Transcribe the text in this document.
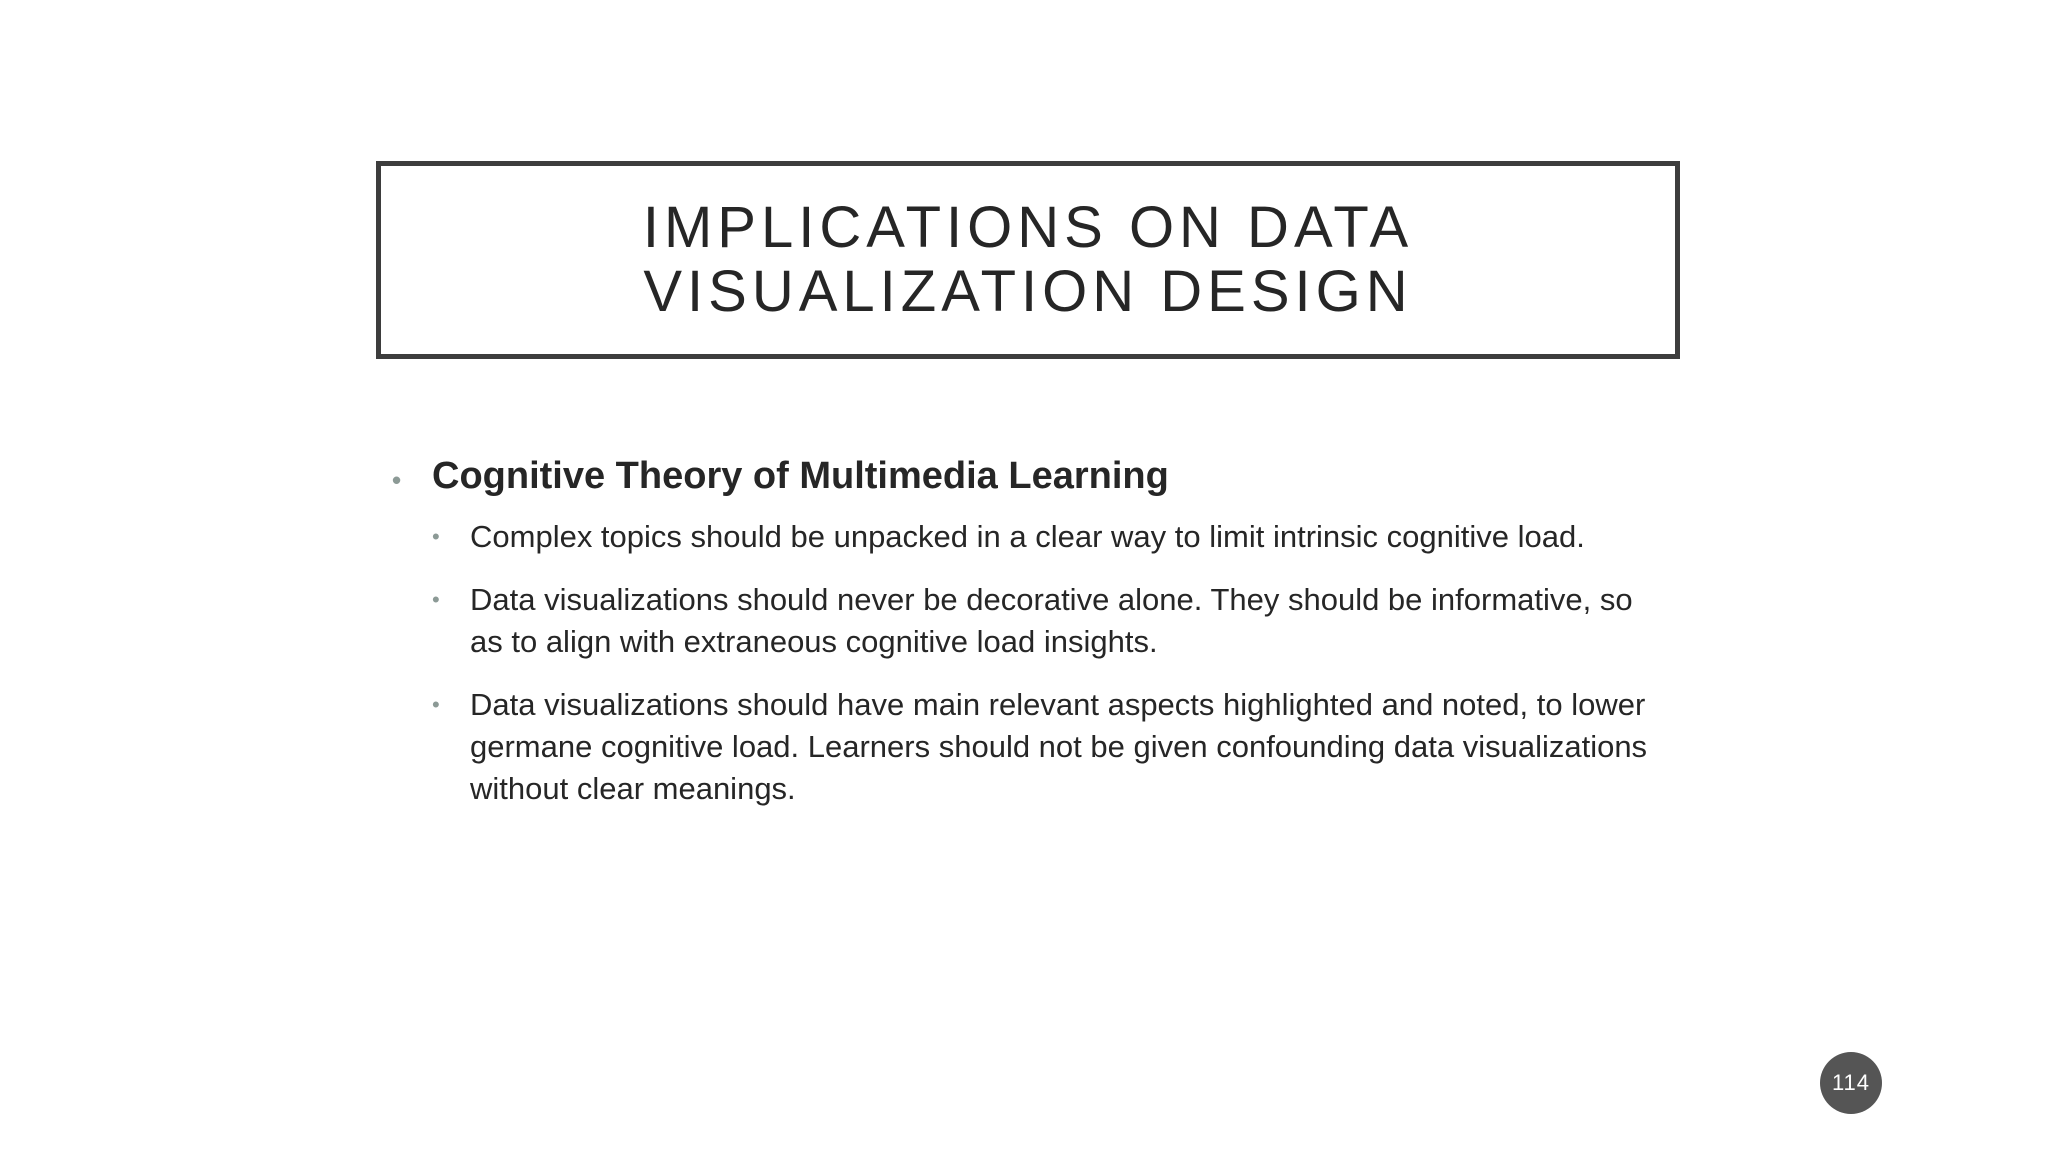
IMPLICATIONS ON DATA
VISUALIZATION DESIGN
• Cognitive Theory of Multimedia Learning
• Complex topics should be unpacked in a clear way to limit intrinsic cognitive load.
• Data visualizations should never be decorative alone. They should be informative, so as to align with extraneous cognitive load insights.
• Data visualizations should have main relevant aspects highlighted and noted, to lower germane cognitive load. Learners should not be given confounding data visualizations without clear meanings.
114
